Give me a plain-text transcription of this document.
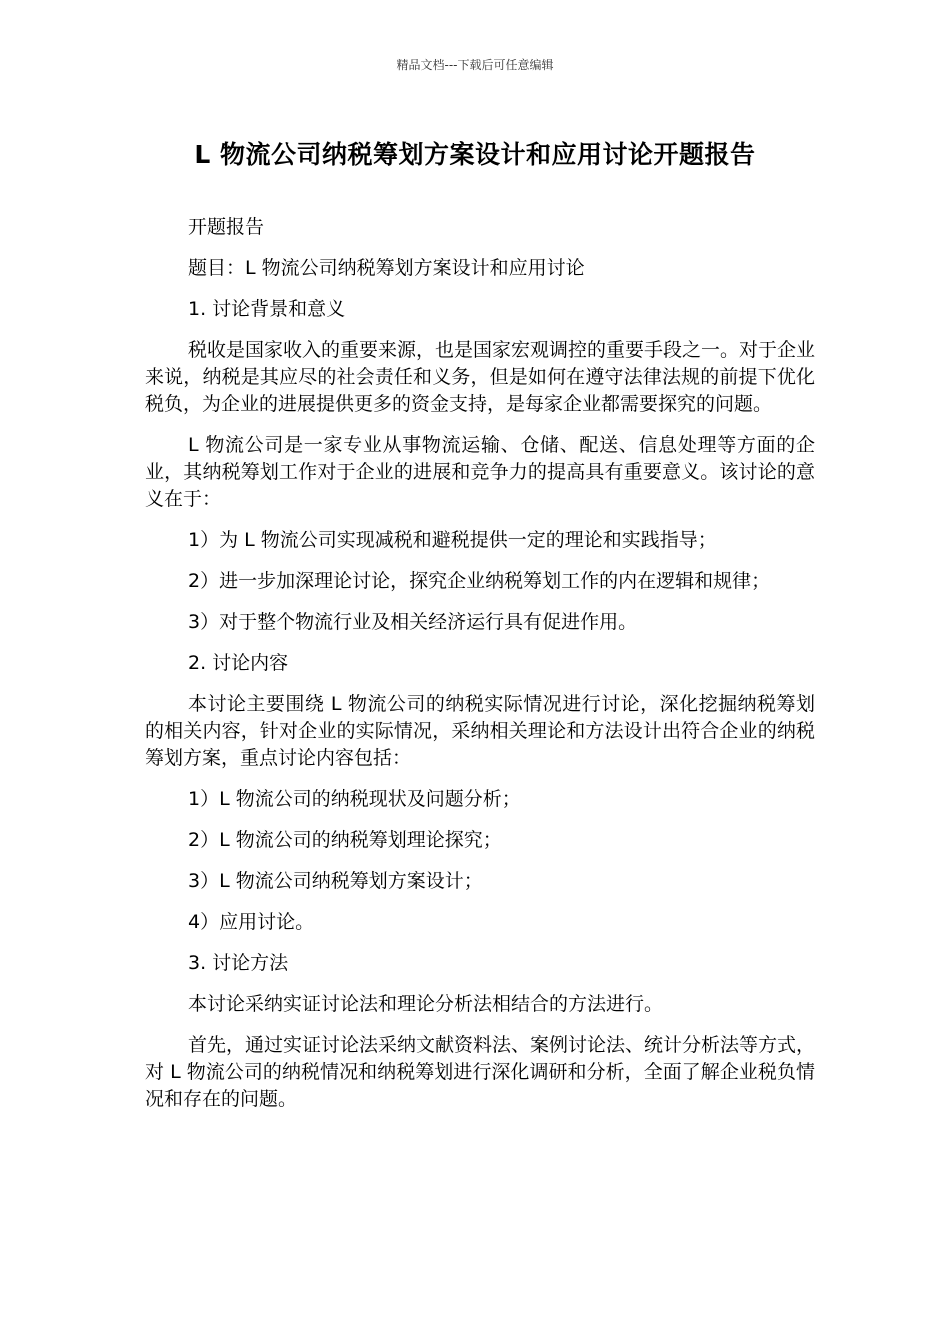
精品文档---下载后可任意编辑
L 物流公司纳税筹划方案设计和应用讨论开题报告

开题报告

题目：L 物流公司纳税筹划方案设计和应用讨论

1. 讨论背景和意义

税收是国家收入的重要来源，也是国家宏观调控的重要手段之一。对于企业来说，纳税是其应尽的社会责任和义务，但是如何在遵守法律法规的前提下优化税负，为企业的进展提供更多的资金支持，是每家企业都需要探究的问题。

L 物流公司是一家专业从事物流运输、仓储、配送、信息处理等方面的企业，其纳税筹划工作对于企业的进展和竞争力的提高具有重要意义。该讨论的意义在于：

1）为 L 物流公司实现减税和避税提供一定的理论和实践指导；

2）进一步加深理论讨论，探究企业纳税筹划工作的内在逻辑和规律；

3）对于整个物流行业及相关经济运行具有促进作用。

2. 讨论内容

本讨论主要围绕 L 物流公司的纳税实际情况进行讨论，深化挖掘纳税筹划的相关内容，针对企业的实际情况，采纳相关理论和方法设计出符合企业的纳税筹划方案，重点讨论内容包括：

1）L 物流公司的纳税现状及问题分析；

2）L 物流公司的纳税筹划理论探究；

3）L 物流公司纳税筹划方案设计；

4）应用讨论。

3. 讨论方法

本讨论采纳实证讨论法和理论分析法相结合的方法进行。

首先，通过实证讨论法采纳文献资料法、案例讨论法、统计分析法等方式，对 L 物流公司的纳税情况和纳税筹划进行深化调研和分析，全面了解企业税负情况和存在的问题。
